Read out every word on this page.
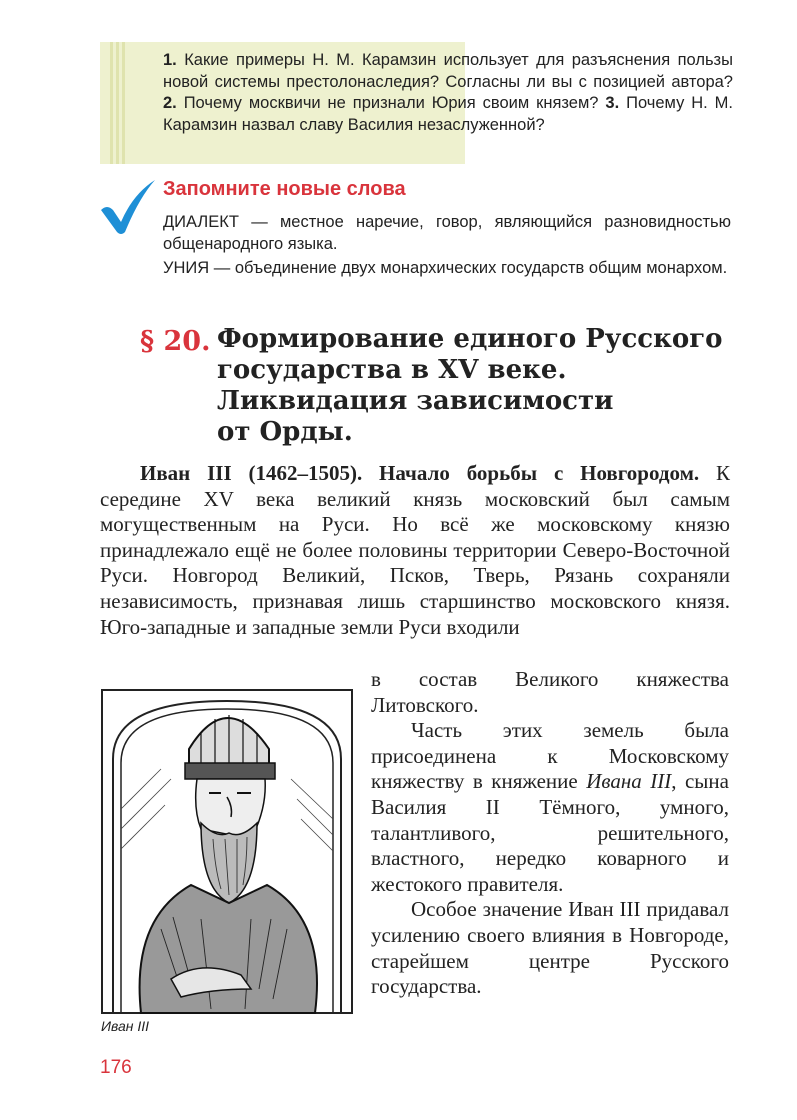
1. Какие примеры Н. М. Карамзин использует для разъяснения пользы новой системы престолонаследия? Согласны ли вы с позицией автора? 2. Почему москвичи не признали Юрия своим князем? 3. Почему Н. М. Карамзин назвал славу Василия незаслуженной?

Запомните новые слова

ДИАЛЕКТ — местное наречие, говор, являющийся разновидностью общенародного языка.

УНИЯ — объединение двух монархических государств общим монархом.

§ 20. Формирование единого Русского
государства в XV веке.
Ликвидация зависимости
от Орды.

Иван III (1462–1505). Начало борьбы с Новгородом. К середине XV века великий князь московский был самым могущественным на Руси. Но всё же московскому князю принадлежало ещё не более половины территории Северо-Восточной Руси. Новгород Великий, Псков, Тверь, Рязань сохраняли независимость, признавая лишь старшинство московского князя. Юго-западные и западные земли Руси входили

в состав Великого княжества Литовского.

Часть этих земель была присоединена к Московскому княжеству в княжение Ивана III, сына Василия II Тёмного, умного, талантливого, решительного, властного, нередко коварного и жестокого правителя.

Особое значение Иван III придавал усилению своего влияния в Новгороде, старейшем центре Русского государства.

Иван III

176
